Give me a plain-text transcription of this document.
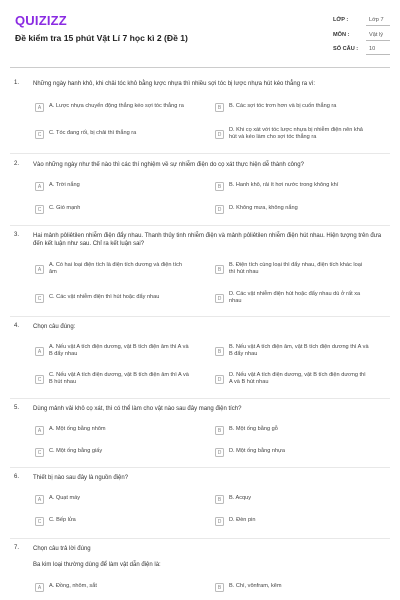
QUIZIZZ
Đề kiểm tra 15 phút Vật Lí 7 học kì 2 (Đề 1)
LỚP :	Lớp 7
MÔN :	Vật lý
SỐ CÂU : 10
1. Những ngày hanh khô, khi chải tóc khô bằng lược nhựa thì nhiều sợi tóc bị lược nhựa hút kéo thẳng ra vì:
A	A. Lược nhựa chuyển động thẳng kéo sợi tóc thẳng ra	B	B. Các sợi tóc trơn hơn và bị cuốn thẳng ra
C	C. Tóc đang rối, bị chải thì thẳng ra	D
D. Khi cọ xát với tóc lược nhựa bị nhiễm điện nên khả hút và kéo làm cho sợi tóc thẳng ra
2. Vào những ngày như thế nào thì các thí nghiệm về sự nhiễm điện do cọ xát thực hiện dễ thành công?
A	A. Trời nắng	B	B. Hanh khô, rải ít hơi nước trong không khí
C	C. Gió mạnh	D	D. Không mưa, không nắng
3. Hai mảnh pôliêtilen nhiễm điện đẩy nhau. Thanh thủy tinh nhiễm điện và mảnh pôliêtilen nhiễm điện hút nhau. Hiện tượng trên đưa đến kết luận như sau. Chỉ ra kết luận sai?
A
A. Có hai loại điện tích là điện tích dương và điện tích âm	B
B. Điện tích cùng loại thì đẩy nhau, điện tích khác loại thì hút nhau
C	C. Các vật nhiễm điện thì hút hoặc đẩy nhau	D
D. Các vật nhiễm điện hút hoặc đẩy nhau dù ở rất xa nhau
4. Chọn câu đúng:
A
A. Nếu vật A tích điện dương, vật B tích điện âm thì A và B đẩy nhau	B
B. Nếu vật A tích điện âm, vật B tích điện dương thì A và B đẩy nhau
C
C. Nếu vật A tích điện dương, vật B tích điện âm thì A và B hút nhau	D
D. Nếu vật A tích điện dương, vật B tích điện dương thì A và B hút nhau
5. Dùng mảnh vải khô cọ xát, thì có thể làm cho vật nào sau đây mang điện tích?
A	A. Một ống bằng nhôm	B	B. Một ống bằng gỗ
C	C. Một ống bằng giấy	D	D. Một ống bằng nhựa
6. Thiết bị nào sau đây là nguồn điện?
A	A. Quạt máy	B	B. Acquy
C	C. Bếp lửa	D	D. Đèn pin
7. Chọn câu trả lời đúng
Ba kim loại thường dùng để làm vật dẫn điện là:
A	A. Đồng, nhôm, sắt	B	B. Chì, vônfram, kẽm
